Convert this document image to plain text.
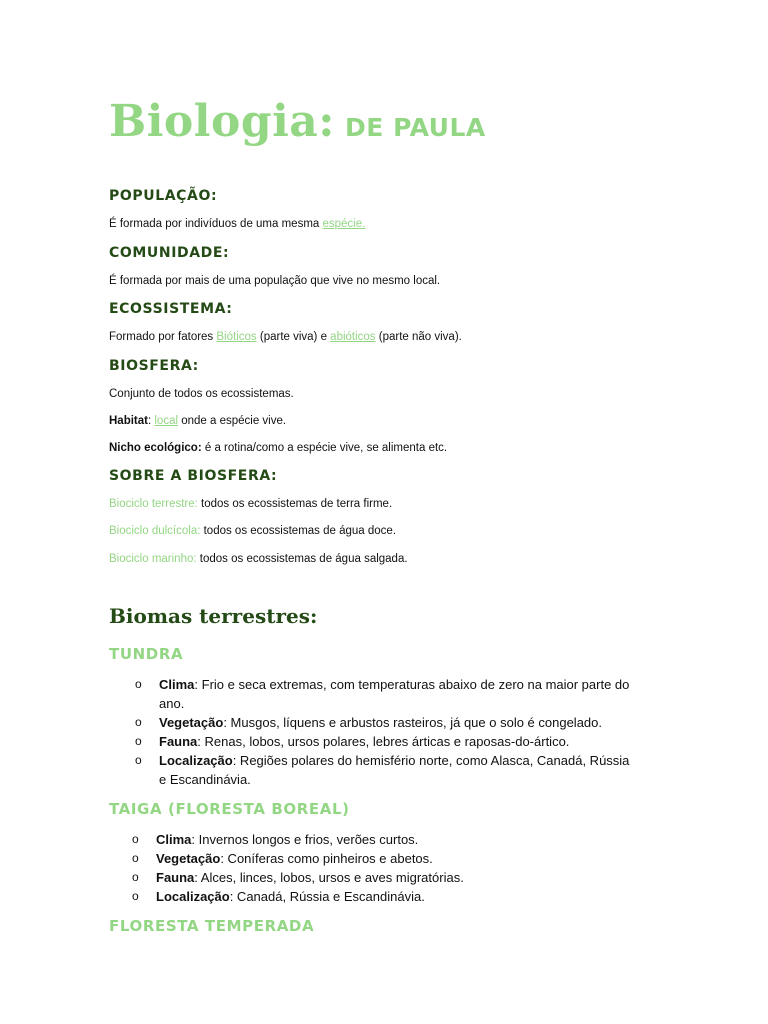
Biologia: DE PAULA
POPULAÇÃO:
É formada por indivíduos de uma mesma espécie.
COMUNIDADE:
É formada por mais de uma população que vive no mesmo local.
ECOSSISTEMA:
Formado por fatores Bióticos (parte viva) e abióticos (parte não viva).
BIOSFERA:
Conjunto de todos os ecossistemas.
Habitat: local onde a espécie vive.
Nicho ecológico: é a rotina/como a espécie vive, se alimenta etc.
SOBRE A BIOSFERA:
Biociclo terrestre: todos os ecossistemas de terra firme.
Biociclo dulcícola: todos os ecossistemas de água doce.
Biociclo marinho: todos os ecossistemas de água salgada.
Biomas terrestres:
TUNDRA
o Clima: Frio e seca extremas, com temperaturas abaixo de zero na maior parte do
ano.
o Vegetação: Musgos, líquens e arbustos rasteiros, já que o solo é congelado.
o Fauna: Renas, lobos, ursos polares, lebres árticas e raposas-do-ártico.
o Localização: Regiões polares do hemisfério norte, como Alasca, Canadá, Rússia
e Escandinávia.
TAIGA (FLORESTA BOREAL)
o Clima: Invernos longos e frios, verões curtos.
o Vegetação: Coníferas como pinheiros e abetos.
o Fauna: Alces, linces, lobos, ursos e aves migratórias.
o Localização: Canadá, Rússia e Escandinávia.
FLORESTA TEMPERADA
